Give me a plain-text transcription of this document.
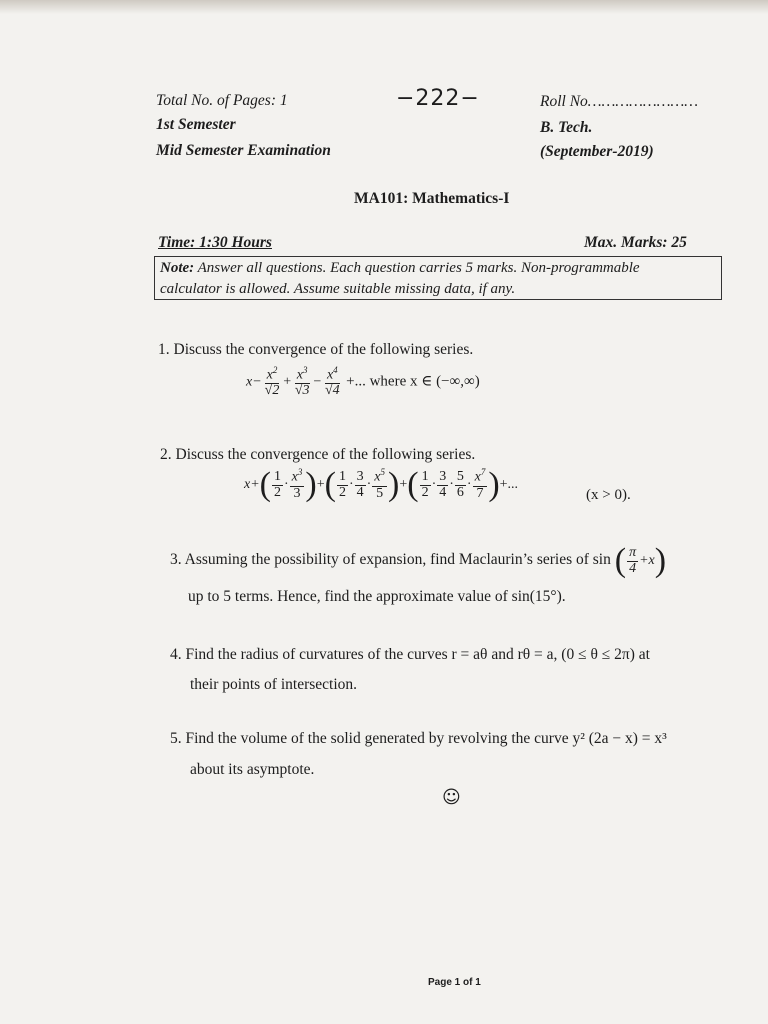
Total No. of Pages: 1	−222−	Roll No……………………
1st Semester	B. Tech.
Mid Semester Examination	(September-2019)
MA101: Mathematics-I
Time: 1:30 Hours	Max. Marks: 25
Note: Answer all questions. Each question carries 5 marks. Non-programmable
calculator is allowed. Assume suitable missing data, if any.
1. Discuss the convergence of the following series.
$x- \frac{x^2}{√2} + \frac{x^3}{√3} - \frac{x^4}{√4}$ +... where x ∈ (−∞,∞)
2. Discuss the convergence of the following series.
$x+( \frac{1}{2} \cdot \frac{x^3}{3}$ )+( $\frac{1}{2} \cdot \frac{3}{4} \cdot \frac{x^5}{5}$ )+( $\frac{1}{2} \cdot \frac{3}{4} \cdot \frac{5}{6} \cdot \frac{x^7}{7}$ )+...
(x > 0).
3. Assuming the possibility of expansion, find Maclaurin’s series of sin ( $\frac{\pi}{4} +x$)
up to 5 terms. Hence, find the approximate value of sin(15°).
4. Find the radius of curvatures of the curves r = aθ and rθ = a, (0 ≤ θ ≤ 2π) at
their points of intersection.
5. Find the volume of the solid generated by revolving the curve y² (2a − x) = x³
about its asymptote.
☺
Page 1 of 1
